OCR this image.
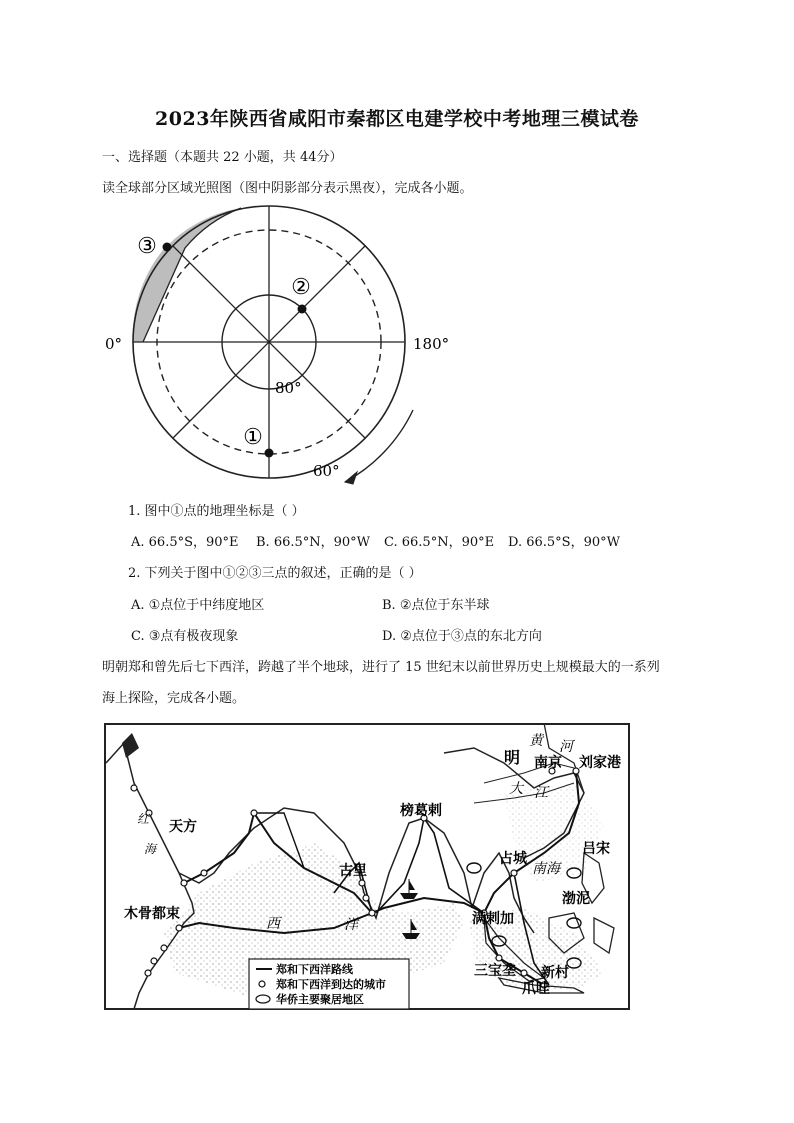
2023年陕西省咸阳市秦都区电建学校中考地理三模试卷
一、选择题（本题共 22 小题，共 44分）
读全球部分区域光照图（图中阴影部分表示黑夜），完成各小题。
③
②
①
0°	180°
80°
60°
1. 图中①点的地理坐标是（ ）
A. 66.5°S，90°E B. 66.5°N，90°W C. 66.5°N，90°E D. 66.5°S，90°W
2. 下列关于图中①②③三点的叙述，正确的是（ ）
A. ①点位于中纬度地区	B. ②点位于东半球
C. ③点有极夜现象	D. ②点位于③点的东北方向
明朝郑和曾先后七下西洋，跨越了半个地球，进行了 15 世纪末以前世界历史上规模最大的一系列
海上探险，完成各小题。
明
黄 河
南京 刘家港
大 江
天方
红
海
榜葛剌
古里
占城
南海
吕宋
木骨都束
西	洋	满剌加
渤泥
三宝垄 新村
爪哇
郑和下西洋路线
郑和下西洋到达的城市
华侨主要聚居地区
